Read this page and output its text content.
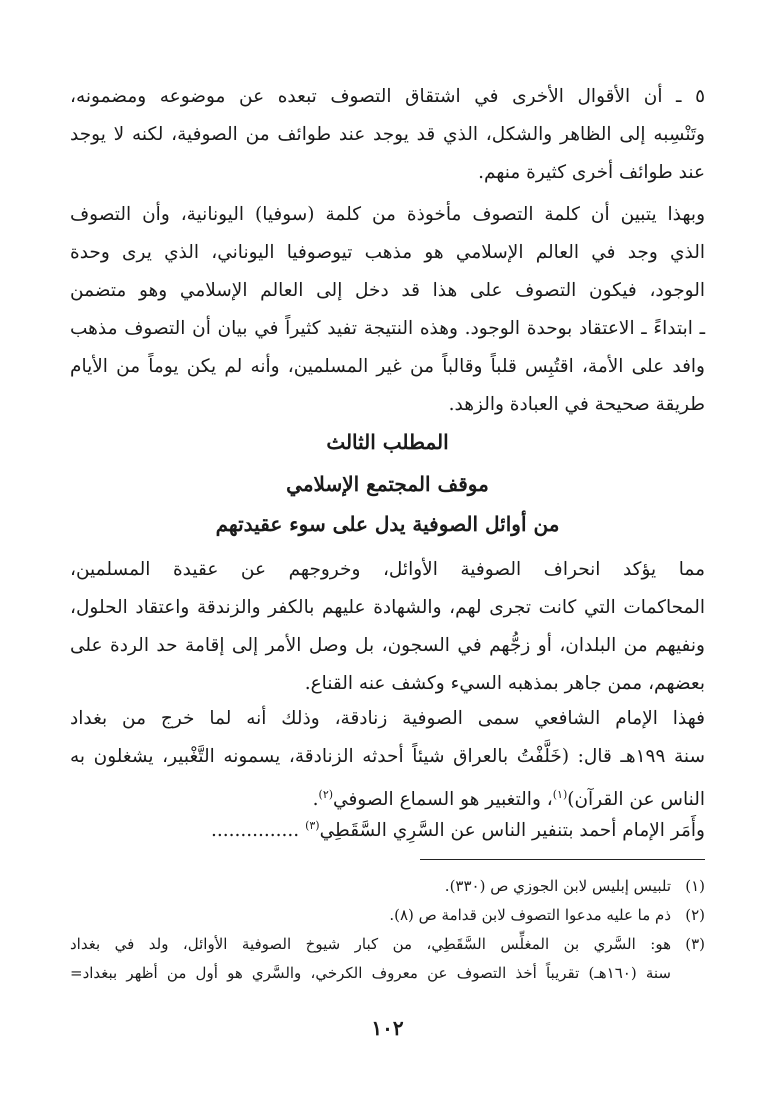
٥ ـ أن الأقوال الأخرى في اشتقاق التصوف تبعده عن موضوعه ومضمونه،
وتَنْسِبه إلى الظاهر والشكل، الذي قد يوجد عند طوائف من الصوفية، لكنه لا يوجد
عند طوائف أخرى كثيرة منهم.

وبهذا يتبين أن كلمة التصوف مأخوذة من كلمة (سوفيا) اليونانية، وأن التصوف
الذي وجد في العالم الإسلامي هو مذهب تيوصوفيا اليوناني، الذي يرى وحدة
الوجود، فيكون التصوف على هذا قد دخل إلى العالم الإسلامي وهو متضمن
ـ ابتداءً ـ الاعتقاد بوحدة الوجود. وهذه النتيجة تفيد كثيراً في بيان أن التصوف مذهب
وافد على الأمة، اقتُبِس قلباً وقالباً من غير المسلمين، وأنه لم يكن يوماً من الأيام
طريقة صحيحة في العبادة والزهد.

المطلب الثالث
موقف المجتمع الإسلامي
من أوائل الصوفية يدل على سوء عقيدتهم

مما يؤكد انحراف الصوفية الأوائل، وخروجهم عن عقيدة المسلمين،
المحاكمات التي كانت تجرى لهم، والشهادة عليهم بالكفر والزندقة واعتقاد الحلول،
ونفيهم من البلدان، أو زجُّهم في السجون، بل وصل الأمر إلى إقامة حد الردة على
بعضهم، ممن جاهر بمذهبه السيء وكشف عنه القناع.

فهذا الإمام الشافعي سمى الصوفية زنادقة، وذلك أنه لما خرج من بغداد
سنة ١٩٩هـ قال: (خَلَّفْتُ بالعراق شيئاً أحدثه الزنادقة، يسمونه التَّغْبير، يشغلون به
الناس عن القرآن)$^{(١)}$، والتغبير هو السماع الصوفي$^{(٢)}$.

وأَمَر الإمام أحمد بتنفير الناس عن السَّرِي السَّقَطِي$^{(٣)}$ ...............

(١)
تلبيس إبليس لابن الجوزي ص (٣٣٠).
(٢)
ذم ما عليه مدعوا التصوف لابن قدامة ص (٨).
(٣)
هو: السَّري بن المغلِّس السَّقَطِي، من كبار شيوخ الصوفية الأوائل، ولد في بغداد
سنة (١٦٠هـ) تقريباً أخذ التصوف عن معروف الكرخي، والسَّري هو أول من أظهر ببغداد=
١٠٢
